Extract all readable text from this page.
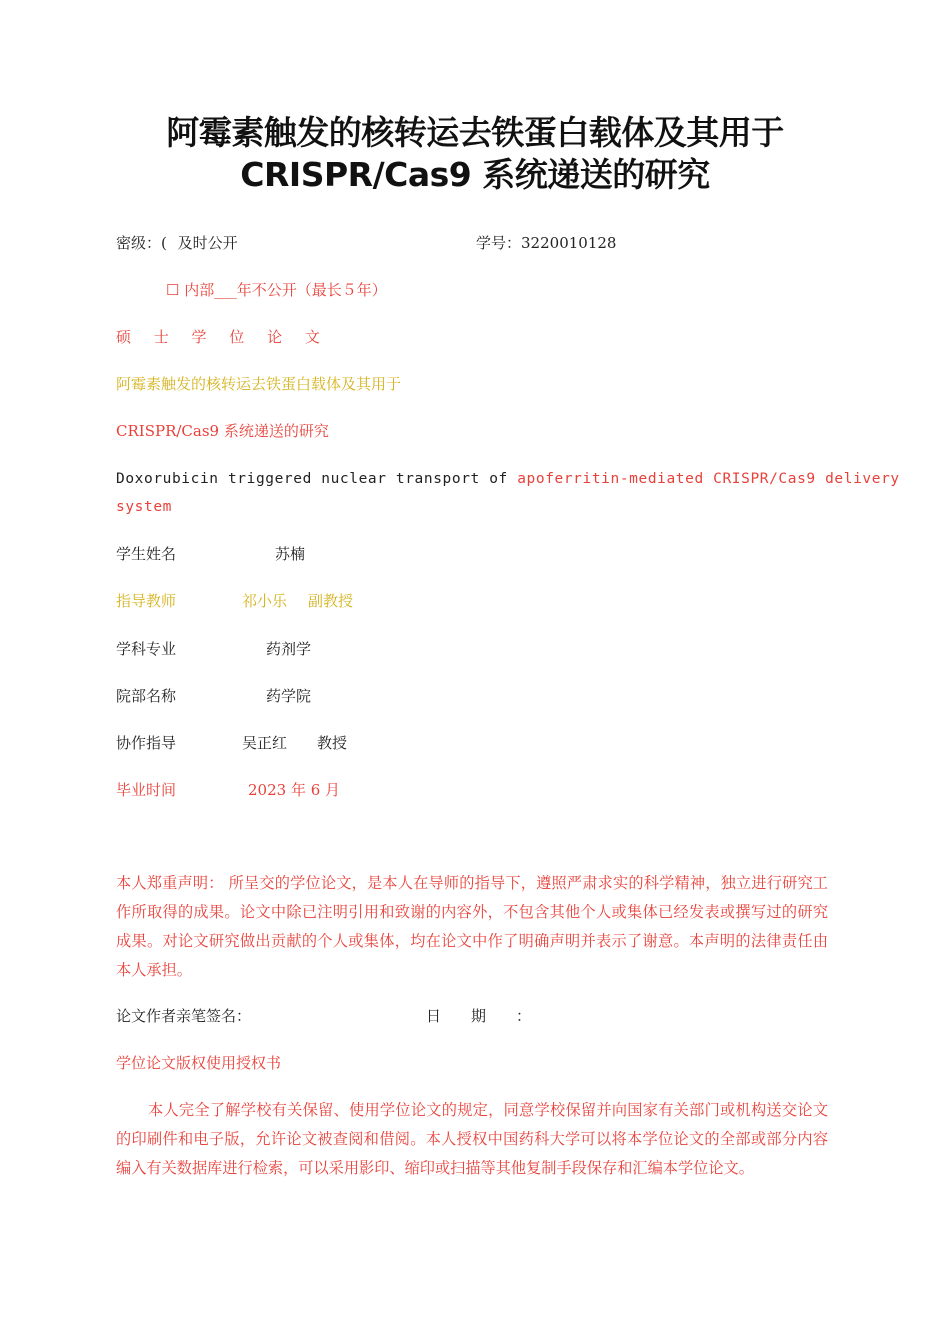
阿霉素触发的核转运去铁蛋白载体及其用于
CRISPR/Cas9 系统递送的研究
密级：( 及时公开	学号：3220010128
☐ 内部___年不公开（最长５年）
硕 士 学 位 论 文
阿霉素触发的核转运去铁蛋白载体及其用于
CRISPR/Cas9 系统递送的研究
Doxorubicin triggered nuclear transport of apoferritin-mediated CRISPR/Cas9 delivery
system
学生姓名	苏楠
指导教师	祁小乐 副教授
学科专业	药剂学
院部名称	药学院
协作指导	吴正红 教授
毕业时间	2023 年 6 月
本人郑重声明： 所呈交的学位论文，是本人在导师的指导下，遵照严肃求实的科学精神，独立进行研究工作所取得的成果。论文中除已注明引用和致谢的内容外，不包含其他个人或集体已经发表或撰写过的研究成果。对论文研究做出贡献的个人或集体，均在论文中作了明确声明并表示了谢意。本声明的法律责任由本人承担。
论文作者亲笔签名：	日　　期　　：
学位论文版权使用授权书
本人完全了解学校有关保留、使用学位论文的规定，同意学校保留并向国家有关部门或机构送交论文的印刷件和电子版，允许论文被查阅和借阅。本人授权中国药科大学可以将本学位论文的全部或部分内容编入有关数据库进行检索，可以采用影印、缩印或扫描等其他复制手段保存和汇编本学位论文。
